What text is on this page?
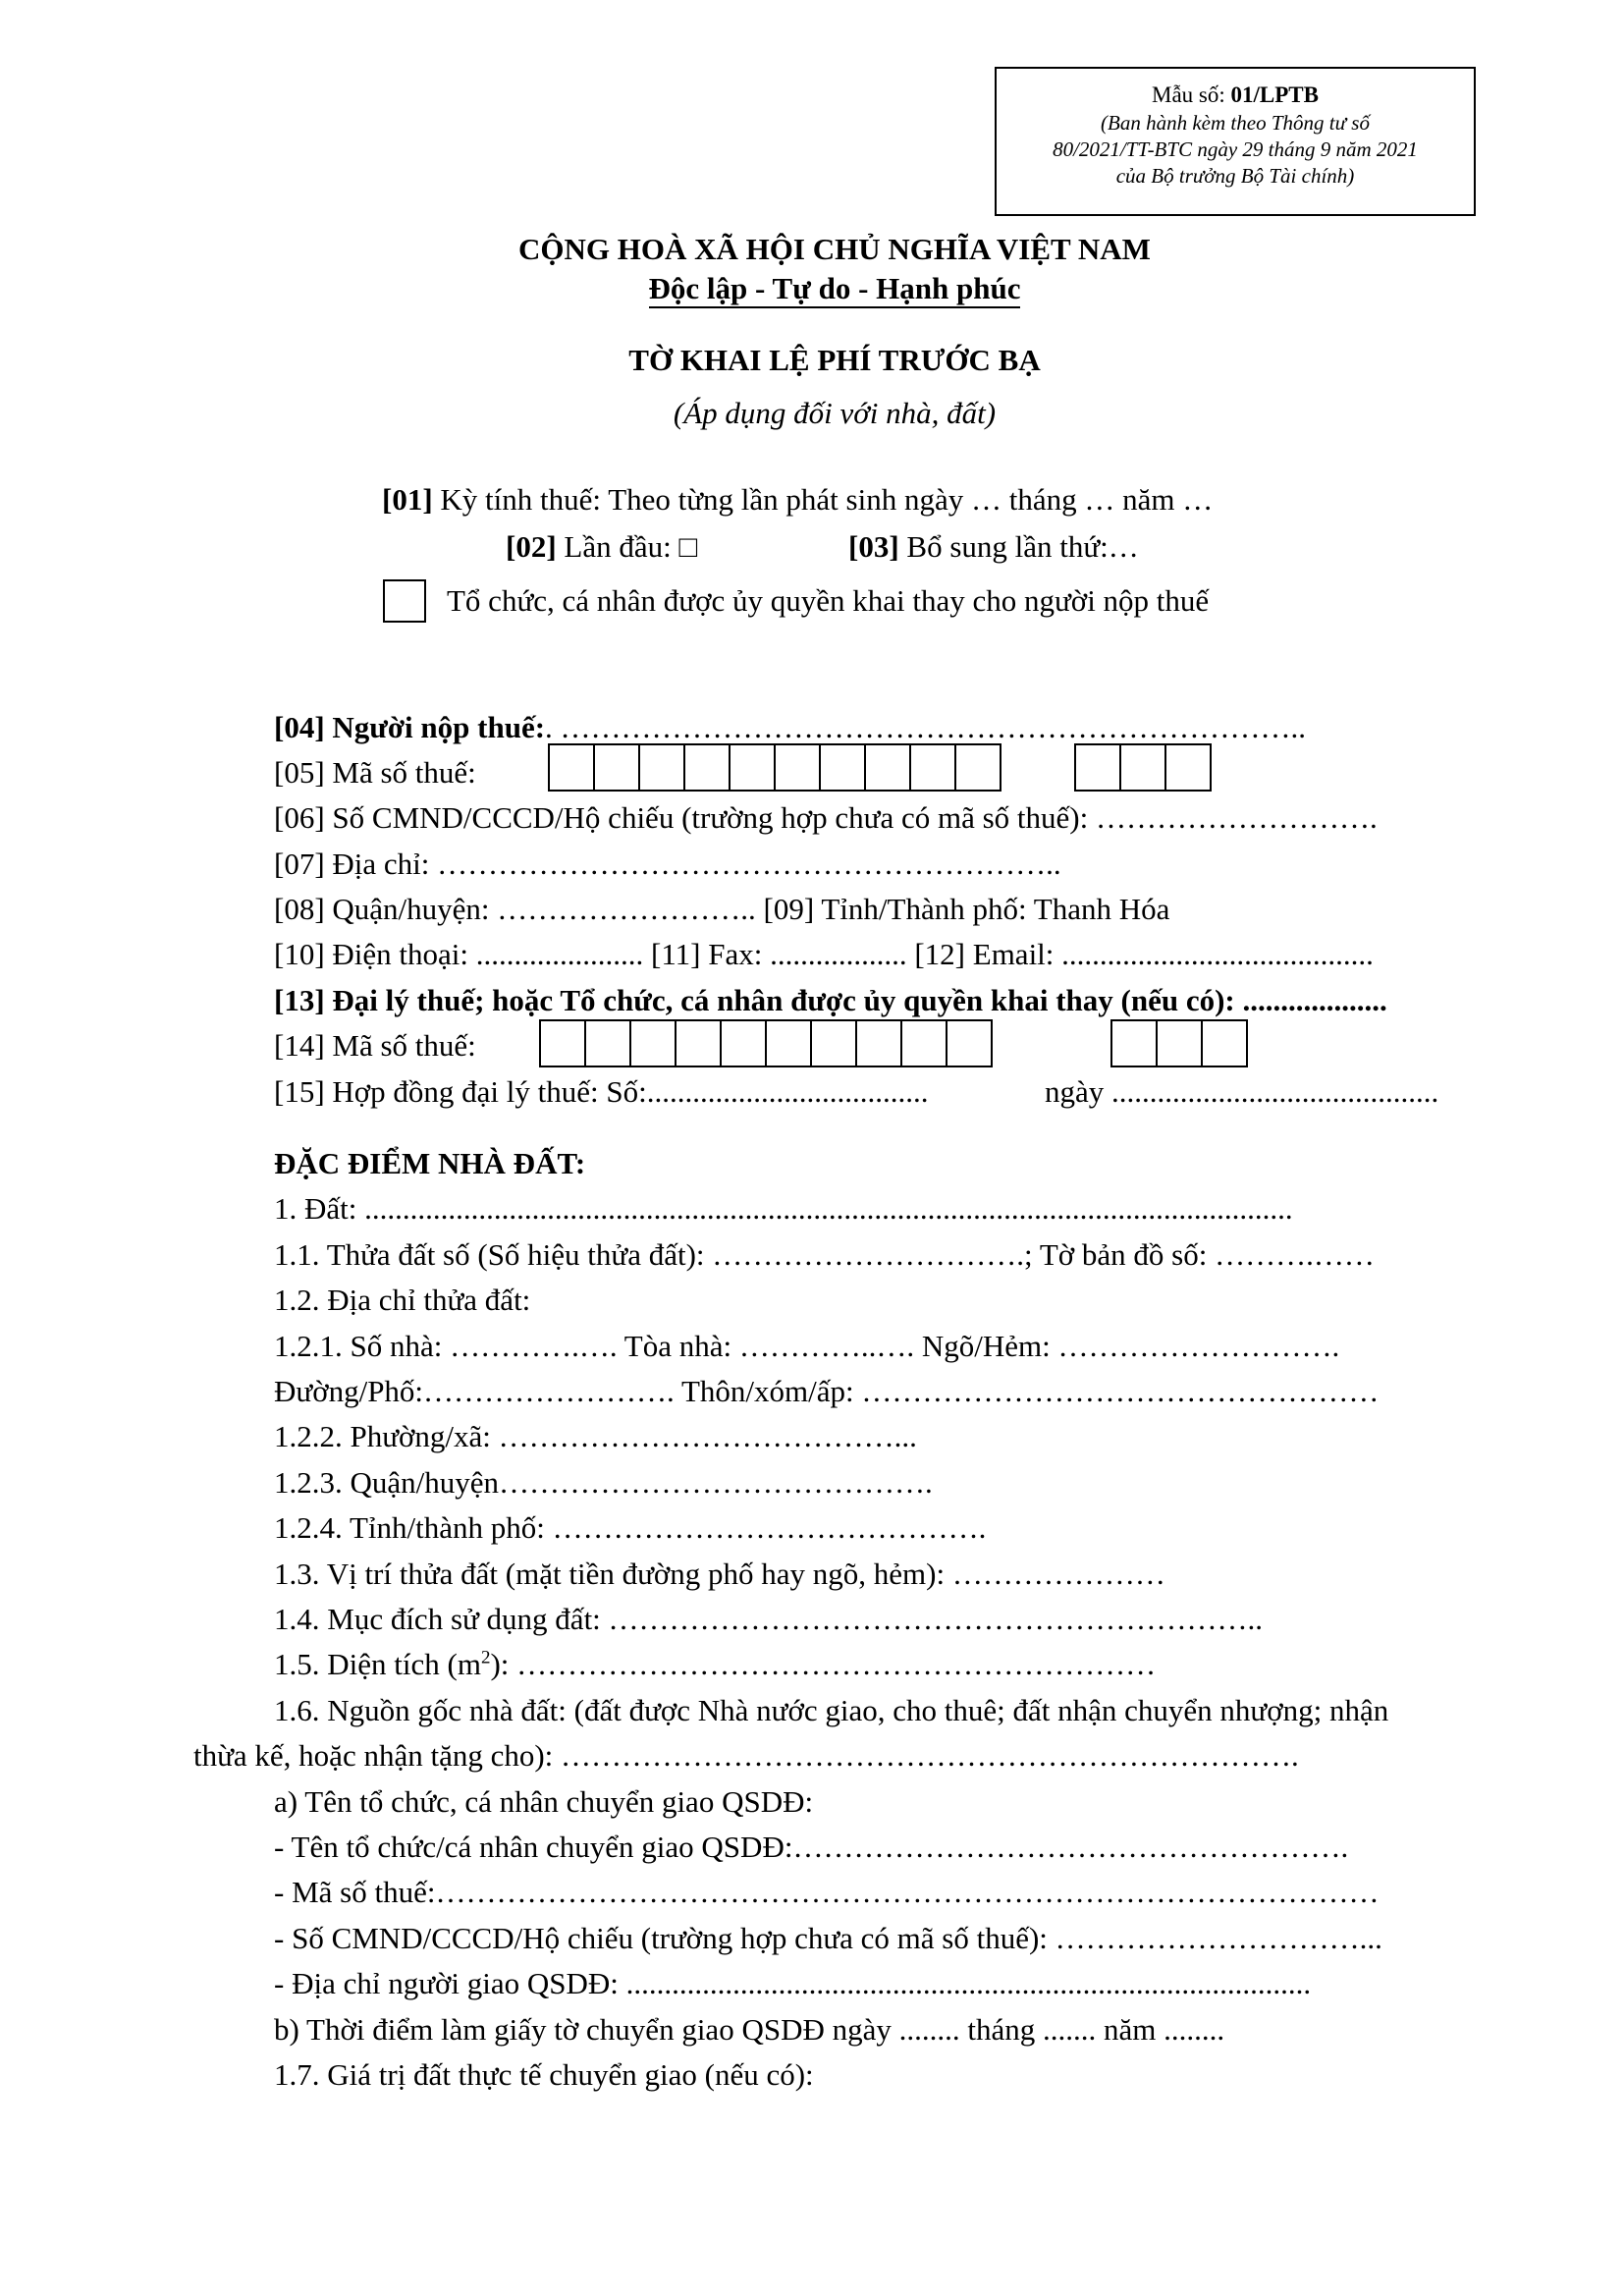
Mẫu số: 01/LPTB
(Ban hành kèm theo Thông tư số
80/2021/TT-BTC ngày 29 tháng 9 năm 2021
của Bộ trưởng Bộ Tài chính)
CỘNG HOÀ XÃ HỘI CHỦ NGHĨA VIỆT NAM
Độc lập - Tự do - Hạnh phúc
TỜ KHAI LỆ PHÍ TRƯỚC BẠ
(Áp dụng đối với nhà, đất)
[01] Kỳ tính thuế: Theo từng lần phát sinh ngày … tháng … năm …
[02] Lần đầu: □	[03] Bổ sung lần thứ:…
Tổ chức, cá nhân được ủy quyền khai thay cho người nộp thuế
[04] Người nộp thuế:. ………………………………………………………………..
[05] Mã số thuế:
[06] Số CMND/CCCD/Hộ chiếu (trường hợp chưa có mã số thuế): ……………………….
[07] Địa chỉ: ……………………………………………………..
[08] Quận/huyện: …………………….. [09] Tỉnh/Thành phố: Thanh Hóa
[10] Điện thoại: ...................... [11] Fax: .................. [12] Email: .........................................
[13] Đại lý thuế; hoặc Tổ chức, cá nhân được ủy quyền khai thay (nếu có): ...................
[14] Mã số thuế:
[15] Hợp đồng đại lý thuế: Số:.....................................	ngày ...........................................
ĐẶC ĐIỂM NHÀ ĐẤT:
1. Đất: ..........................................................................................................................
1.1. Thửa đất số (Số hiệu thửa đất): ………………………….; Tờ bản đồ số: ……….……
1.2. Địa chỉ thửa đất:
1.2.1. Số nhà: ………….…. Tòa nhà: …………..…. Ngõ/Hẻm: ……………………….
Đường/Phố:……………………. Thôn/xóm/ấp: ……………………………………………
1.2.2. Phường/xã: …………………………………...
1.2.3. Quận/huyện…………………………………….
1.2.4. Tỉnh/thành phố: …………………………………….
1.3. Vị trí thửa đất (mặt tiền đường phố hay ngõ, hẻm): …………………
1.4. Mục đích sử dụng đất: ………………………………………………………..
1.5. Diện tích $(m^2)$: ………………………………………………………
1.6. Nguồn gốc nhà đất: (đất được Nhà nước giao, cho thuê; đất nhận chuyển nhượng; nhận
thừa kế, hoặc nhận tặng cho): ……………………………………………………………….
a) Tên tổ chức, cá nhân chuyển giao QSDĐ:
- Tên tổ chức/cá nhân chuyển giao QSDĐ:……………………………………………….
- Mã số thuế:…………………………………………………………………………………
- Số CMND/CCCD/Hộ chiếu (trường hợp chưa có mã số thuế): …………………………...
- Địa chỉ người giao QSDĐ: ..........................................................................................
b) Thời điểm làm giấy tờ chuyển giao QSDĐ ngày ........ tháng ....... năm ........
1.7. Giá trị đất thực tế chuyển giao (nếu có):
